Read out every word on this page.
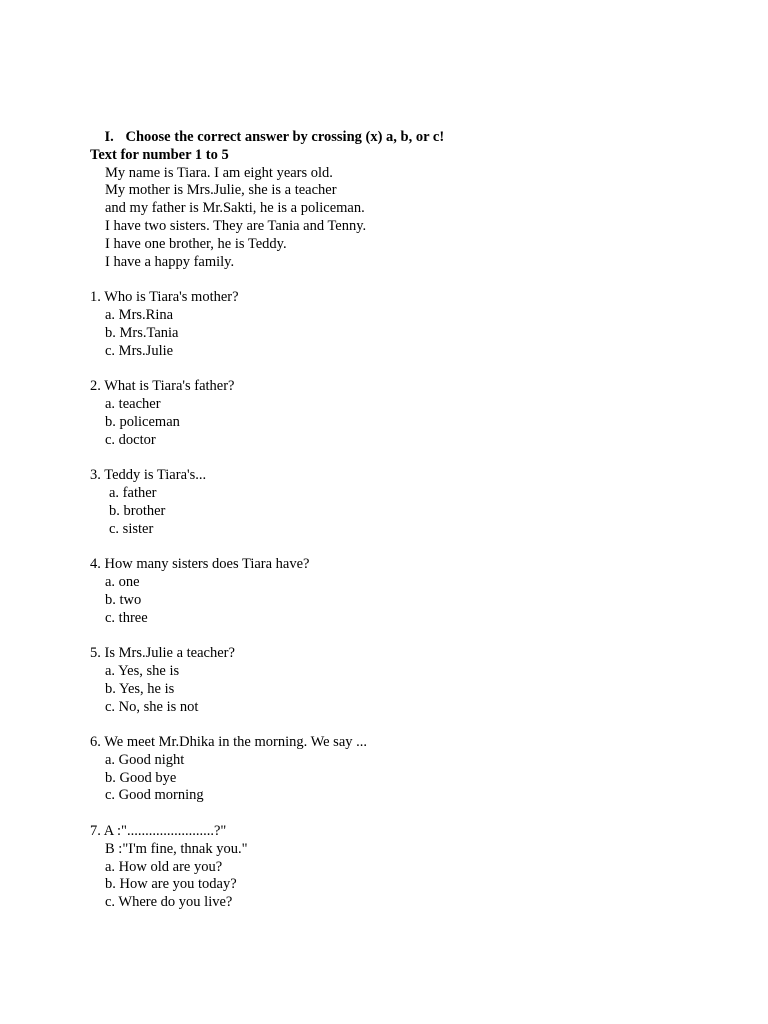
I. Choose the correct answer by crossing (x) a, b, or c!

Text for number 1 to 5
My name is Tiara. I am eight years old.
My mother is Mrs.Julie, she is a teacher
and my father is Mr.Sakti, he is a policeman.
I have two sisters. They are Tania and Tenny.
I have one brother, he is Teddy.
I have a happy family.
1. Who is Tiara's mother?
a. Mrs.Rina
b. Mrs.Tania
c. Mrs.Julie
2. What is Tiara's father?
a. teacher
b. policeman
c. doctor
3. Teddy is Tiara's...
a. father
b. brother
c. sister
4. How many sisters does Tiara have?
a. one
b. two
c. three
5. Is Mrs.Julie a teacher?
a. Yes, she is
b. Yes, he is
c. No, she is not
6. We meet Mr.Dhika in the morning. We say ...
a. Good night
b. Good bye
c. Good morning
7. A :"........................?"
B :"I'm fine, thnak you."
a. How old are you?
b. How are you today?
c. Where do you live?
